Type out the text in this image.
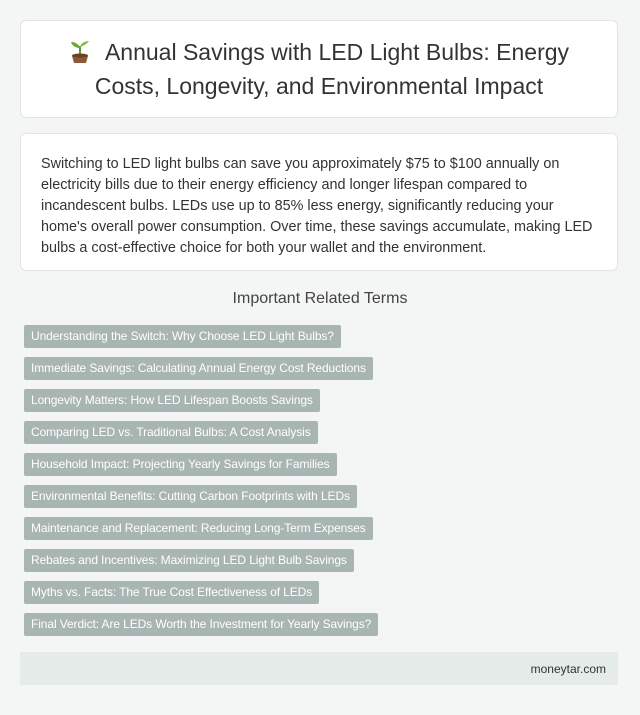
Annual Savings with LED Light Bulbs: Energy Costs, Longevity, and Environmental Impact

Switching to LED light bulbs can save you approximately $75 to $100 annually on electricity bills due to their energy efficiency and longer lifespan compared to incandescent bulbs. LEDs use up to 85% less energy, significantly reducing your home's overall power consumption. Over time, these savings accumulate, making LED bulbs a cost-effective choice for both your wallet and the environment.

Important Related Terms
Understanding the Switch: Why Choose LED Light Bulbs?
Immediate Savings: Calculating Annual Energy Cost Reductions
Longevity Matters: How LED Lifespan Boosts Savings
Comparing LED vs. Traditional Bulbs: A Cost Analysis
Household Impact: Projecting Yearly Savings for Families
Environmental Benefits: Cutting Carbon Footprints with LEDs
Maintenance and Replacement: Reducing Long-Term Expenses
Rebates and Incentives: Maximizing LED Light Bulb Savings
Myths vs. Facts: The True Cost Effectiveness of LEDs
Final Verdict: Are LEDs Worth the Investment for Yearly Savings?
moneytar.com
